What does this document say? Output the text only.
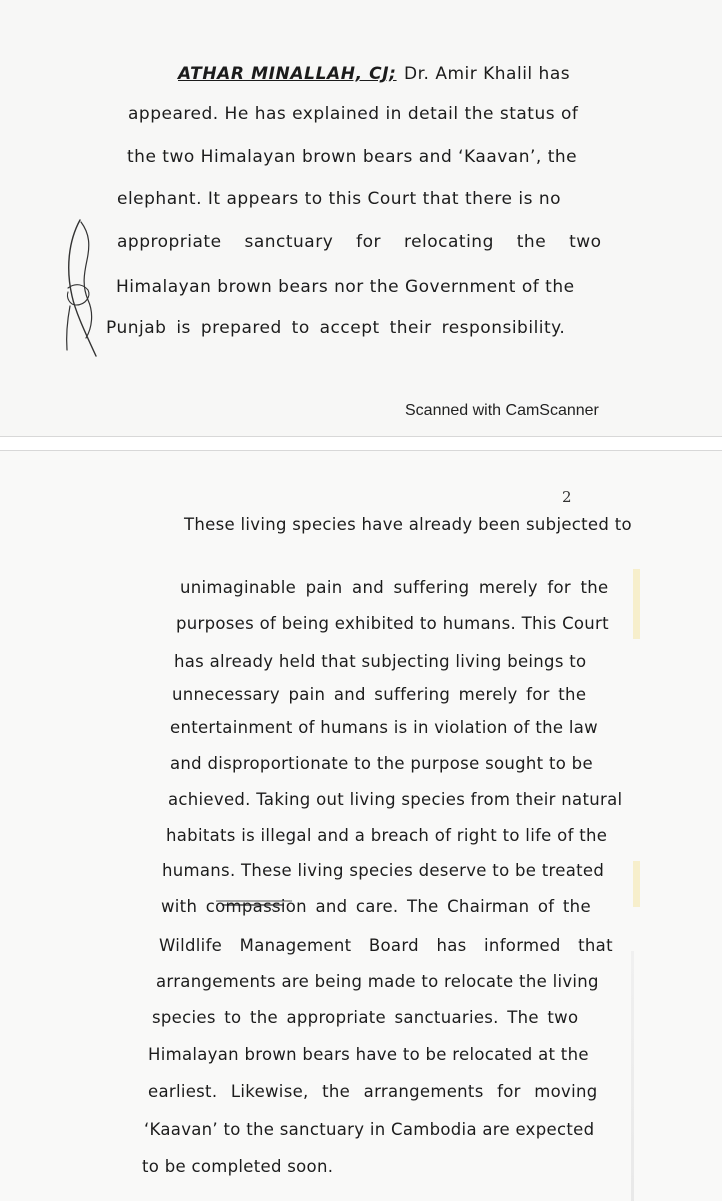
ATHAR MINALLAH, CJ; Dr. Amir Khalil has
appeared. He has explained in detail the status of
the two Himalayan brown bears and ‘Kaavan’, the
elephant. It appears to this Court that there is no
appropriate sanctuary for relocating the two
Himalayan brown bears nor the Government of the
Punjab is prepared to accept their responsibility.
Scanned with CamScanner
2
These living species have already been subjected to
unimaginable pain and suffering merely for the
purposes of being exhibited to humans. This Court
has already held that subjecting living beings to
unnecessary pain and suffering merely for the
entertainment of humans is in violation of the law
and disproportionate to the purpose sought to be
achieved. Taking out living species from their natural
habitats is illegal and a breach of right to life of the
humans. These living species deserve to be treated
with compassion and care. The Chairman of the
Wildlife Management Board has informed that
arrangements are being made to relocate the living
species to the appropriate sanctuaries. The two
Himalayan brown bears have to be relocated at the
earliest. Likewise, the arrangements for moving
‘Kaavan’ to the sanctuary in Cambodia are expected
to be completed soon.
